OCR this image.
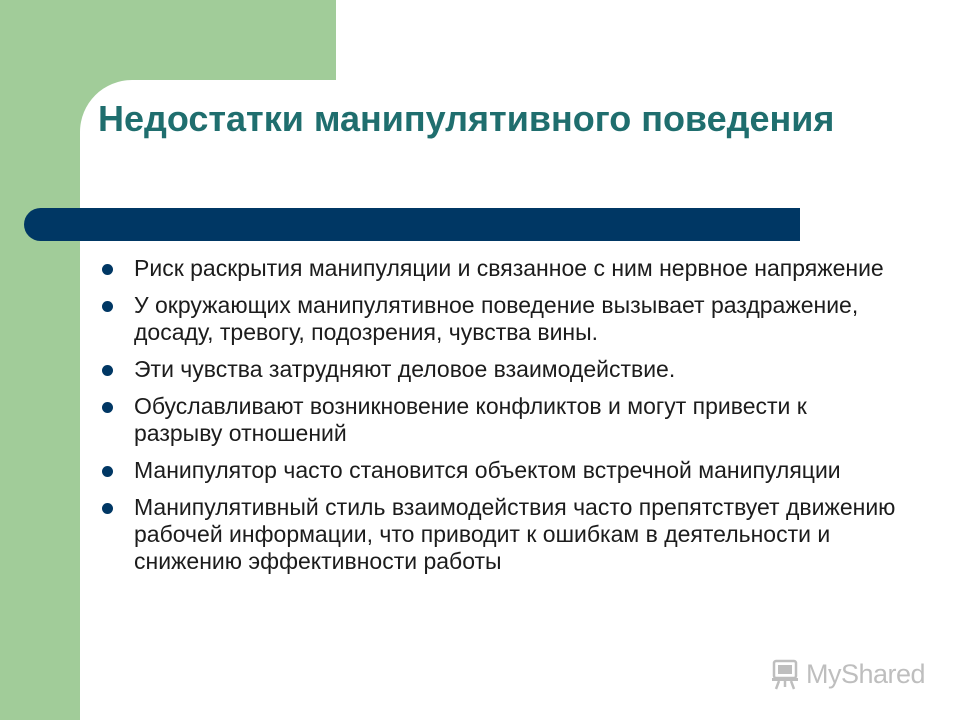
Недостатки манипулятивного поведения
Риск раскрытия манипуляции и связанное с ним нервное напряжение
У окружающих манипулятивное поведение вызывает раздражение, досаду, тревогу, подозрения, чувства вины.
Эти чувства затрудняют деловое взаимодействие.
Обуславливают возникновение конфликтов и могут привести к разрыву отношений
Манипулятор часто становится объектом встречной манипуляции
Манипулятивный стиль взаимодействия часто препятствует движению рабочей информации, что приводит к ошибкам в деятельности и снижению эффективности работы
MyShared
